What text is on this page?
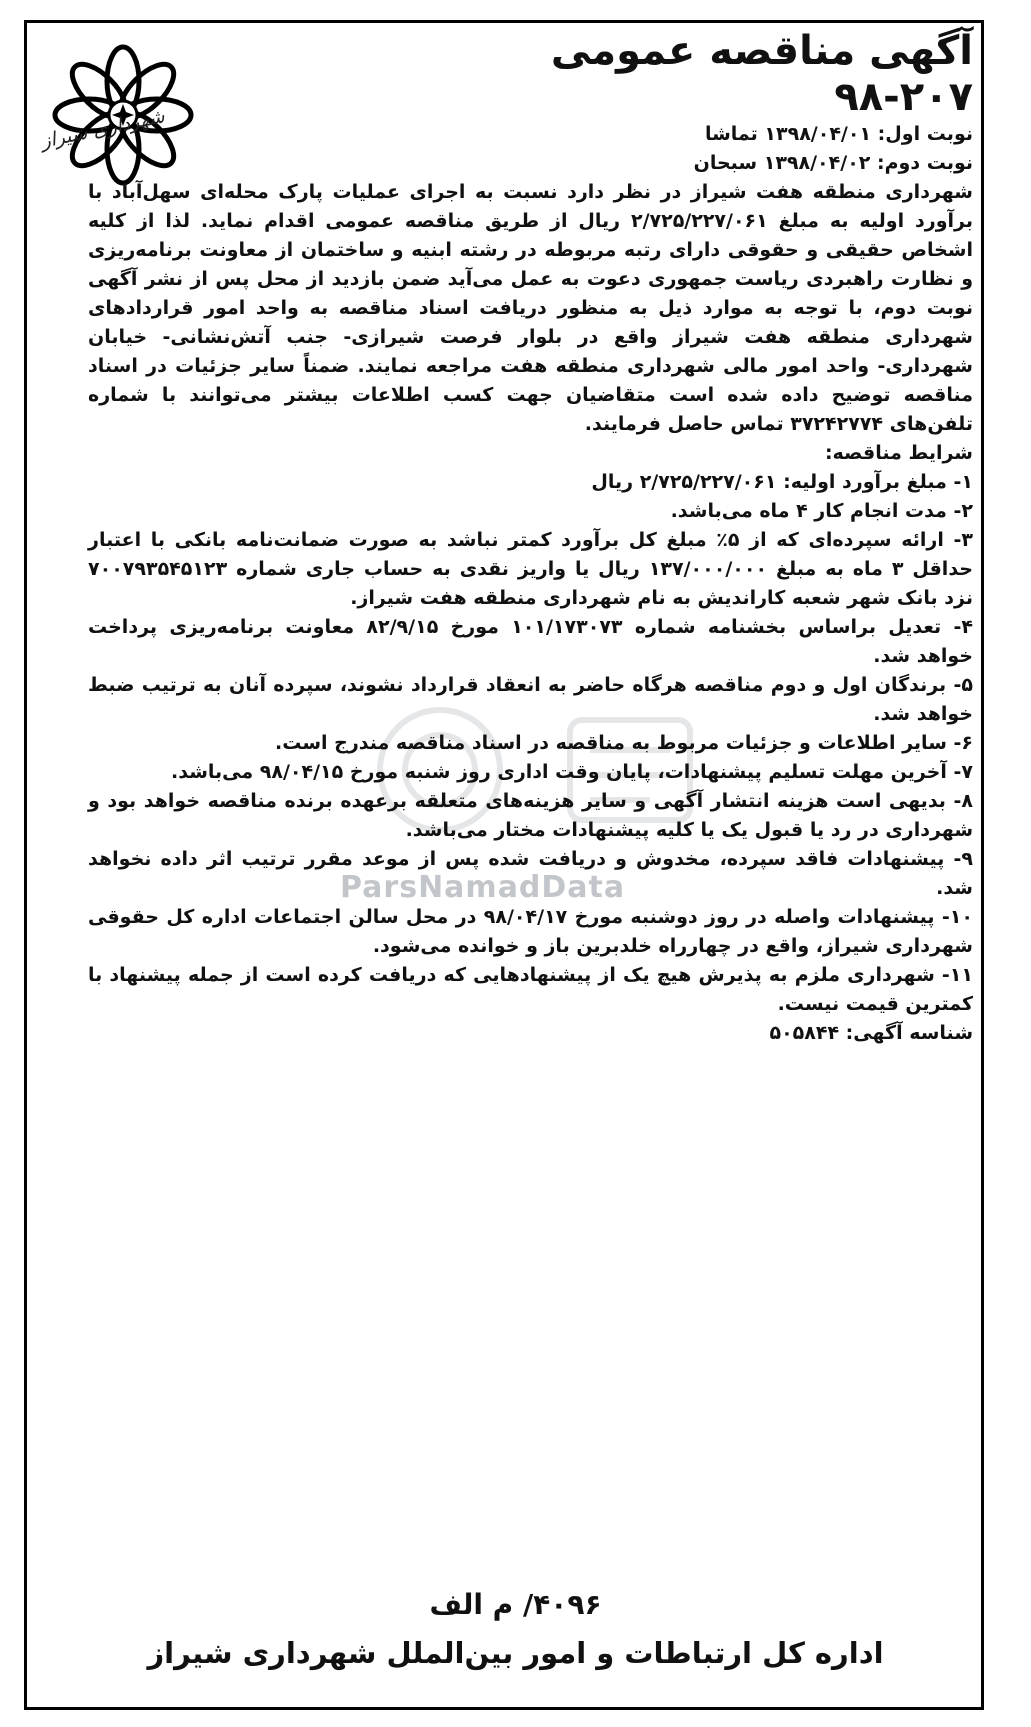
شهرداری شیراز
ParsNamadData
آگهی مناقصه عمومی ۲۰۷-۹۸

نوبت اول: ۱۳۹۸/۰۴/۰۱ تماشا

نوبت دوم: ۱۳۹۸/۰۴/۰۲ سبحان

شهرداری منطقه هفت شیراز در نظر دارد نسبت به اجرای عملیات پارک محله‌ای سهل‌آباد با برآورد اولیه به مبلغ ۲/۷۲۵/۲۲۷/۰۶۱ ریال از طریق مناقصه عمومی اقدام نماید. لذا از کلیه اشخاص حقیقی و حقوقی دارای رتبه مربوطه در رشته ابنیه و ساختمان از معاونت برنامه‌ریزی و نظارت راهبردی ریاست جمهوری دعوت به عمل می‌آید ضمن بازدید از محل پس از نشر آگهی نوبت دوم، با توجه به موارد ذیل به منظور دریافت اسناد مناقصه به واحد امور قراردادهای شهرداری منطقه هفت شیراز واقع در بلوار فرصت شیرازی- جنب آتش‌نشانی- خیابان شهرداری- واحد امور مالی شهرداری منطقه هفت مراجعه نمایند. ضمناً سایر جزئیات در اسناد مناقصه توضیح داده شده است متقاضیان جهت کسب اطلاعات بیشتر می‌توانند با شماره تلفن‌های ۳۷۲۴۲۷۷۴ تماس حاصل فرمایند.

شرایط مناقصه:

۱- مبلغ برآورد اولیه: ۲/۷۲۵/۲۲۷/۰۶۱ ریال

۲- مدت انجام کار ۴ ماه می‌باشد.

۳- ارائه سپرده‌ای که از ۵٪ مبلغ کل برآورد کمتر نباشد به صورت ضمانت‌نامه بانکی با اعتبار حداقل ۳ ماه به مبلغ ۱۳۷/۰۰۰/۰۰۰ ریال یا واریز نقدی به حساب جاری شماره ۷۰۰۷۹۳۵۴۵۱۲۳ نزد بانک شهر شعبه کاراندیش به نام شهرداری منطقه هفت شیراز.

۴- تعدیل براساس بخشنامه شماره ۱۰۱/۱۷۳۰۷۳ مورخ ۸۲/۹/۱۵ معاونت برنامه‌ریزی پرداخت خواهد شد.

۵- برندگان اول و دوم مناقصه هرگاه حاضر به انعقاد قرارداد نشوند، سپرده آنان به ترتیب ضبط خواهد شد.

۶- سایر اطلاعات و جزئیات مربوط به مناقصه در اسناد مناقصه مندرج است.

۷- آخرین مهلت تسلیم پیشنهادات، پایان وقت اداری روز شنبه مورخ ۹۸/۰۴/۱۵ می‌باشد.

۸- بدیهی است هزینه انتشار آگهی و سایر هزینه‌های متعلقه برعهده برنده مناقصه خواهد بود و شهرداری در رد یا قبول یک یا کلیه پیشنهادات مختار می‌باشد.

۹- پیشنهادات فاقد سپرده، مخدوش و دریافت شده پس از موعد مقرر ترتیب اثر داده نخواهد شد.

۱۰- پیشنهادات واصله در روز دوشنبه مورخ ۹۸/۰۴/۱۷ در محل سالن اجتماعات اداره کل حقوقی شهرداری شیراز، واقع در چهارراه خلدبرین باز و خوانده می‌شود.

۱۱- شهرداری ملزم به پذیرش هیچ یک از پیشنهادهایی که دریافت کرده است از جمله پیشنهاد با کمترین قیمت نیست.

شناسه آگهی: ۵۰۵۸۴۴

۴۰۹۶/ م الف
اداره کل ارتباطات و امور بین‌الملل شهرداری شیراز
